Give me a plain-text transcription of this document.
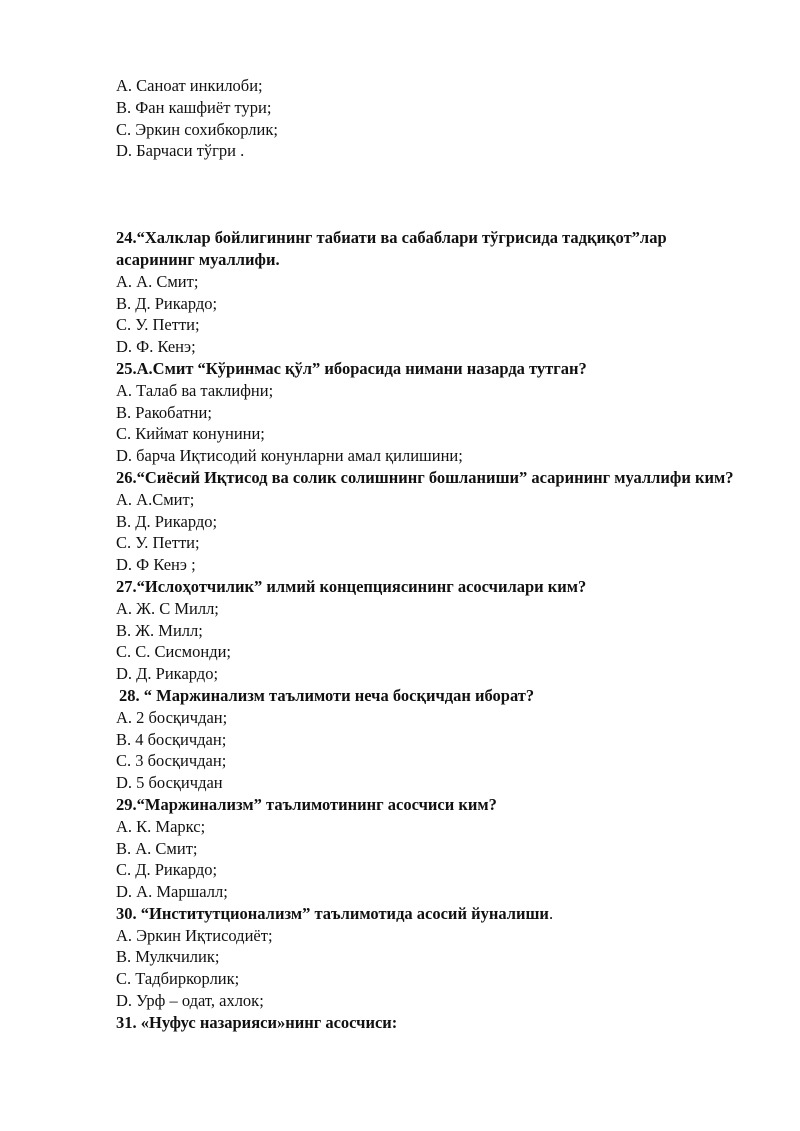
A. Саноат инкилоби;
B. Фан кашфиёт тури;
C. Эркин сохибкорлик;
D. Барчаси тўгри .
24.“Халклар бойлигининг табиати ва сабаблари тўгрисида тадқиқот”лар асарининг муаллифи.
A. А. Смит;
B. Д. Рикардо;
C. У. Петти;
D. Ф. Кенэ;
25.А.Смит “Кўринмас қўл” иборасида нимани назарда тутган?
A. Талаб ва таклифни;
B. Ракобатни;
C. Киймат конунини;
D. барча Иқтисодий конунларни амал қилишини;
26.“Сиёсий Иқтисод ва солик солишнинг бошланиши” асарининг муаллифи ким?
A. А.Смит;
B. Д. Рикардо;
C. У. Петти;
D. Ф Кенэ ;
27.“Ислоҳотчилик” илмий концепциясининг асосчилари ким?
A. Ж. С Милл;
B. Ж. Милл;
C. С. Сисмонди;
D. Д. Рикардо;
28. “ Маржинализм таълимоти неча босқичдан иборат?
A. 2 босқичдан;
B. 4 босқичдан;
C. 3 босқичдан;
D. 5 босқичдан
29.“Маржинализм” таълимотининг асосчиси ким?
A. К. Маркс;
B. А. Смит;
C. Д. Рикардо;
D. А. Маршалл;
30. “Институтционализм” таълимотида асосий йуналиши.
A. Эркин Иқтисодиёт;
B. Мулкчилик;
C. Тадбиркорлик;
D. Урф – одат, ахлок;
31. «Нуфус назарияси»нинг асосчиси:
